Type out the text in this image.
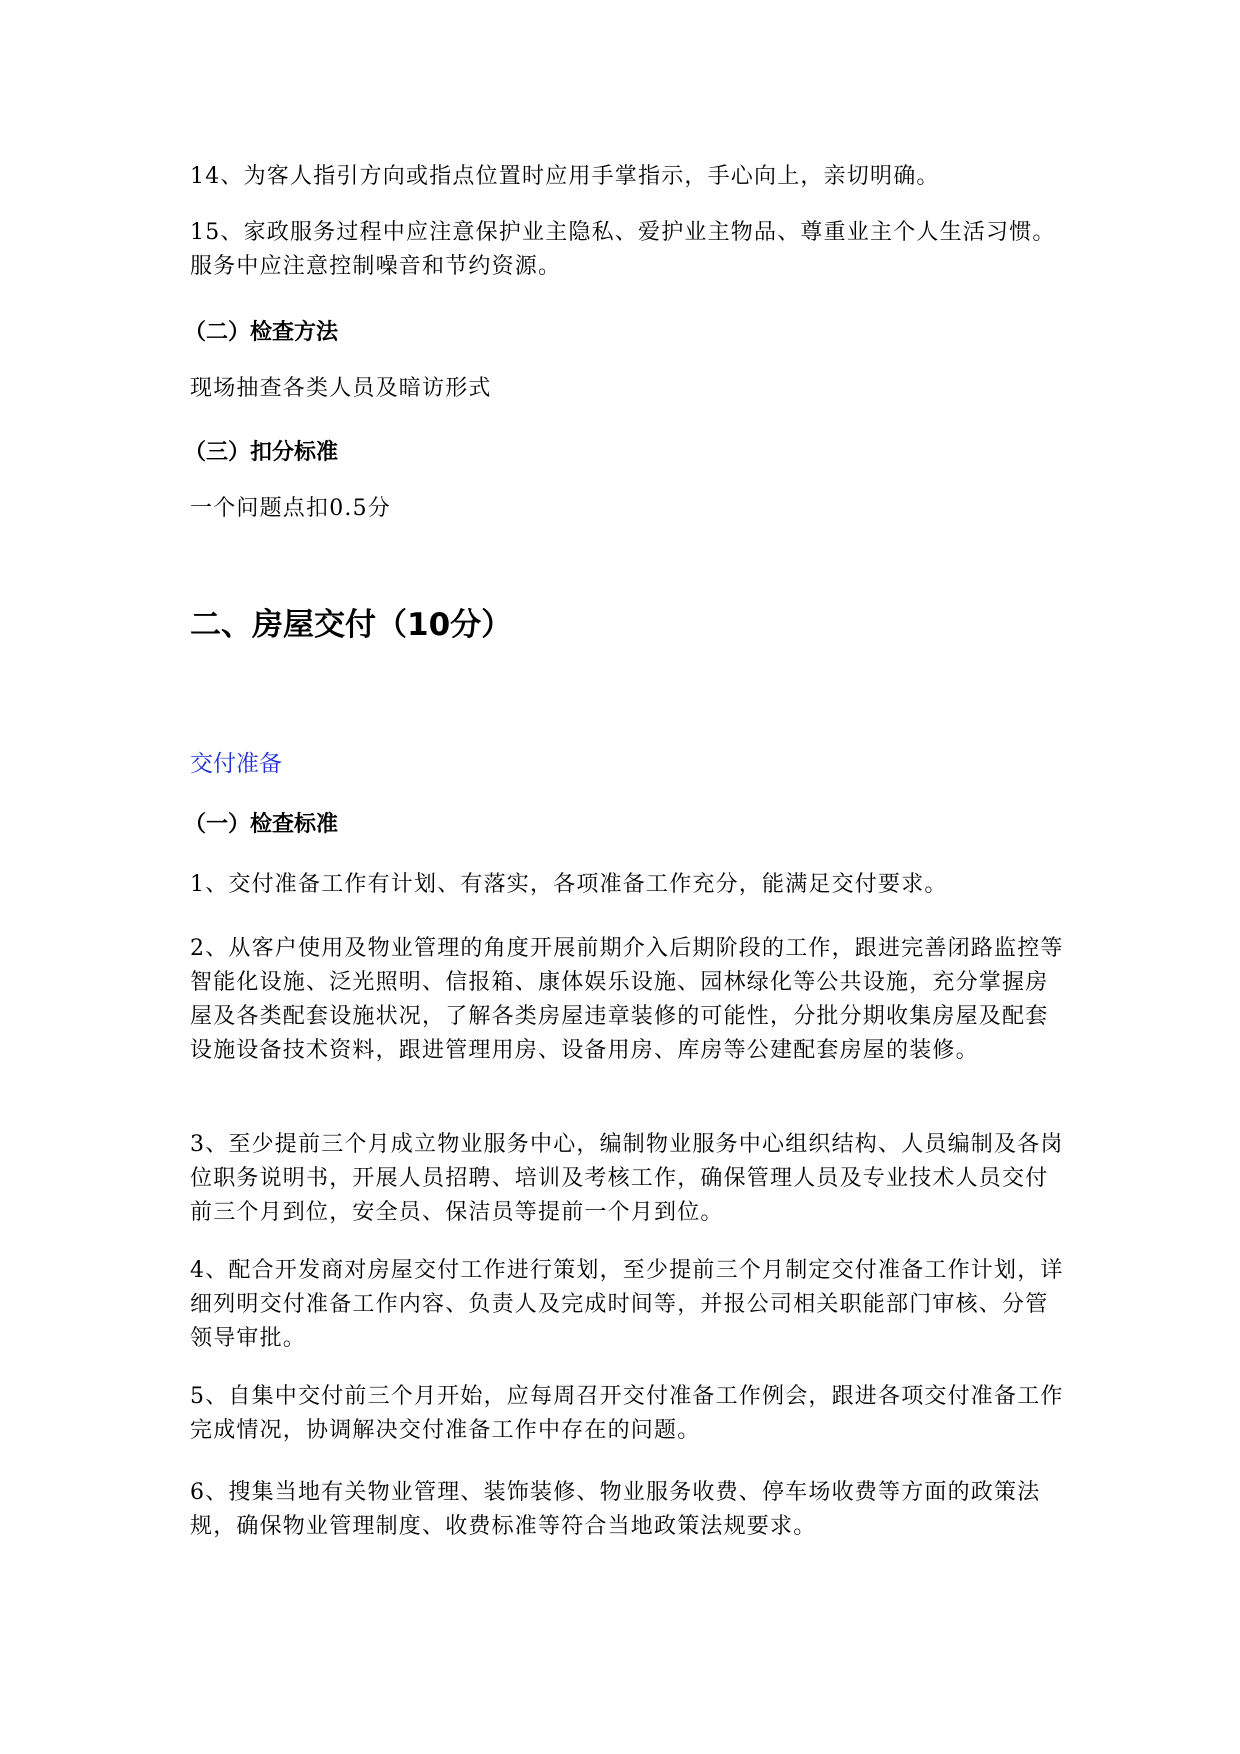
14、为客人指引方向或指点位置时应用手掌指示，手心向上，亲切明确。

15、家政服务过程中应注意保护业主隐私、爱护业主物品、尊重业主个人生活习惯。服务中应注意控制噪音和节约资源。

（二）检查方法

现场抽查各类人员及暗访形式

（三）扣分标准

一个问题点扣0.5分

二、房屋交付（10分）

交付准备

（一）检查标准

1、交付准备工作有计划、有落实，各项准备工作充分，能满足交付要求。

2、从客户使用及物业管理的角度开展前期介入后期阶段的工作，跟进完善闭路监控等智能化设施、泛光照明、信报箱、康体娱乐设施、园林绿化等公共设施，充分掌握房屋及各类配套设施状况，了解各类房屋违章装修的可能性，分批分期收集房屋及配套设施设备技术资料，跟进管理用房、设备用房、库房等公建配套房屋的装修。

3、至少提前三个月成立物业服务中心，编制物业服务中心组织结构、人员编制及各岗位职务说明书，开展人员招聘、培训及考核工作，确保管理人员及专业技术人员交付前三个月到位，安全员、保洁员等提前一个月到位。

4、配合开发商对房屋交付工作进行策划，至少提前三个月制定交付准备工作计划，详细列明交付准备工作内容、负责人及完成时间等，并报公司相关职能部门审核、分管领导审批。

5、自集中交付前三个月开始，应每周召开交付准备工作例会，跟进各项交付准备工作完成情况，协调解决交付准备工作中存在的问题。

6、搜集当地有关物业管理、装饰装修、物业服务收费、停车场收费等方面的政策法规，确保物业管理制度、收费标准等符合当地政策法规要求。
